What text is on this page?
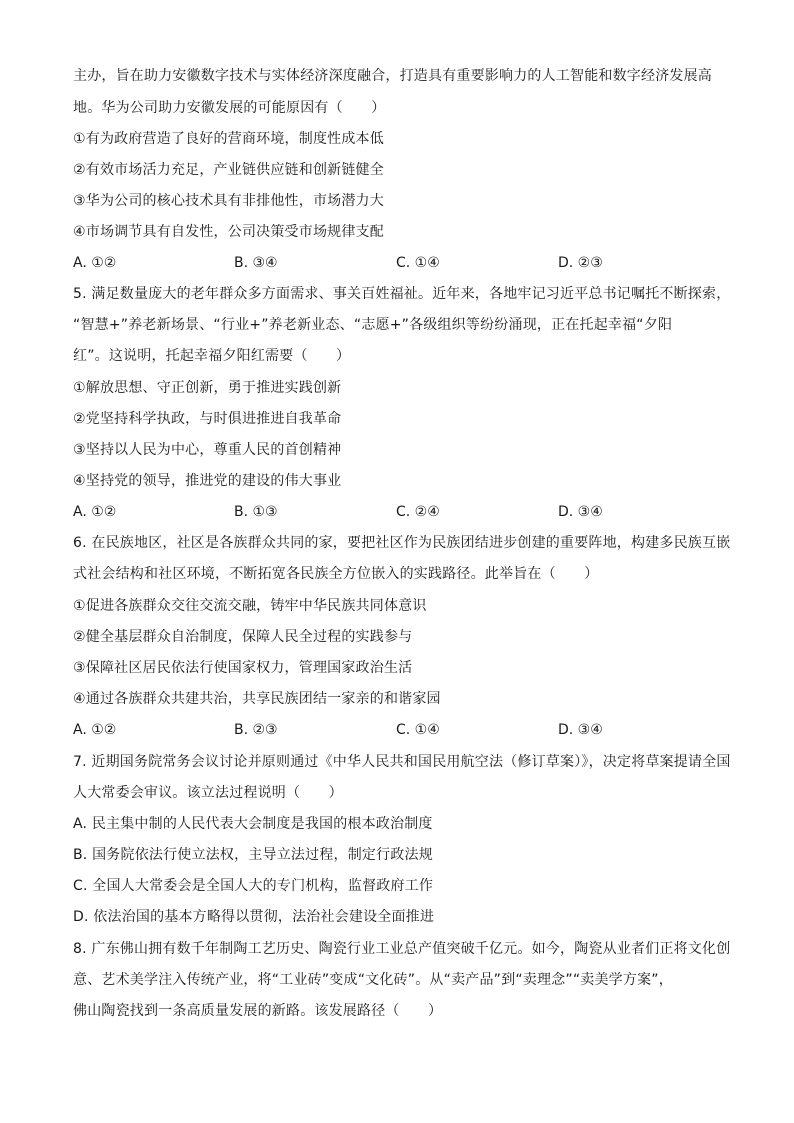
主办，旨在助力安徽数字技术与实体经济深度融合，打造具有重要影响力的人工智能和数字经济发展高
地。华为公司助力安徽发展的可能原因有（　　）
①有为政府营造了良好的营商环境，制度性成本低
②有效市场活力充足，产业链供应链和创新链健全
③华为公司的核心技术具有非排他性，市场潜力大
④市场调节具有自发性，公司决策受市场规律支配
A. ①②	B. ③④	C. ①④	D. ②③
5. 满足数量庞大的老年群众多方面需求、事关百姓福祉。近年来，各地牢记习近平总书记嘱托不断探索，
“智慧+”养老新场景、“行业+”养老新业态、“志愿+”各级组织等纷纷涌现，正在托起幸福“夕阳
红”。这说明，托起幸福夕阳红需要（　　）
①解放思想、守正创新，勇于推进实践创新
②党坚持科学执政，与时俱进推进自我革命
③坚持以人民为中心，尊重人民的首创精神
④坚持党的领导，推进党的建设的伟大事业
A. ①②	B. ①③	C. ②④	D. ③④
6. 在民族地区，社区是各族群众共同的家，要把社区作为民族团结进步创建的重要阵地，构建多民族互嵌
式社会结构和社区环境，不断拓宽各民族全方位嵌入的实践路径。此举旨在（　　）
①促进各族群众交往交流交融，铸牢中华民族共同体意识
②健全基层群众自治制度，保障人民全过程的实践参与
③保障社区居民依法行使国家权力，管理国家政治生活
④通过各族群众共建共治，共享民族团结一家亲的和谐家园
A. ①②	B. ②③	C. ①④	D. ③④
7. 近期国务院常务会议讨论并原则通过《中华人民共和国民用航空法（修订草案）》，决定将草案提请全国
人大常委会审议。该立法过程说明（　　）
A. 民主集中制的人民代表大会制度是我国的根本政治制度
B. 国务院依法行使立法权，主导立法过程，制定行政法规
C. 全国人大常委会是全国人大的专门机构，监督政府工作
D. 依法治国的基本方略得以贯彻，法治社会建设全面推进
8. 广东佛山拥有数千年制陶工艺历史、陶瓷行业工业总产值突破千亿元。如今，陶瓷从业者们正将文化创
意、艺术美学注入传统产业，将“工业砖”变成“文化砖”。从“卖产品”到“卖理念”“卖美学方案”，
佛山陶瓷找到一条高质量发展的新路。该发展路径（　　）
